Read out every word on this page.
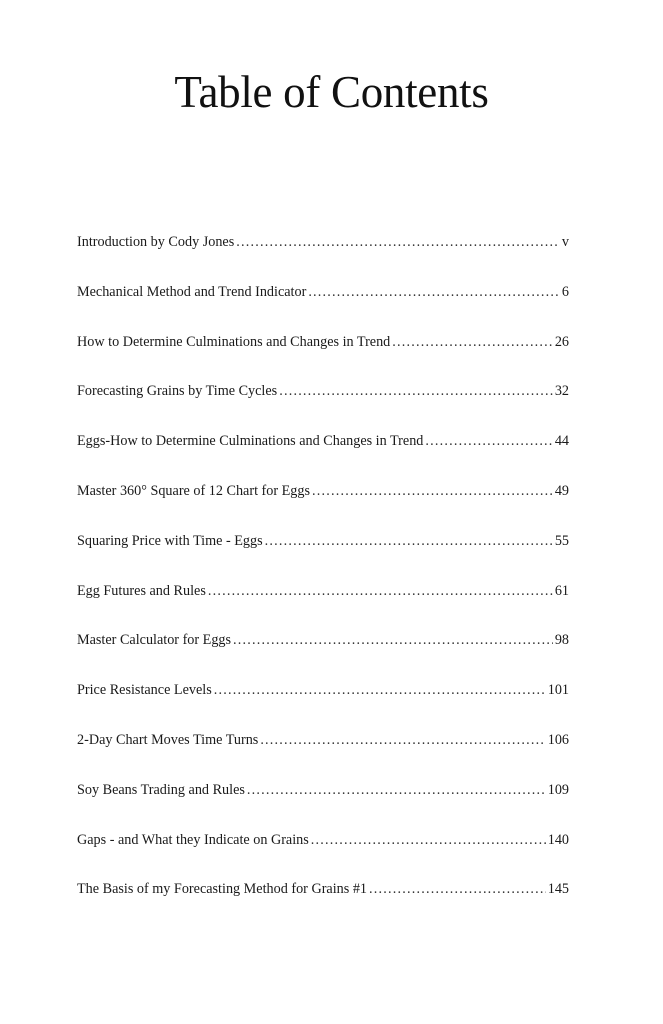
Table of Contents
Introduction by Cody Jones .....	v
Mechanical Method and Trend Indicator .....	6
How to Determine Culminations and Changes in Trend .....	26
Forecasting Grains by Time Cycles .....	32
Eggs-How to Determine Culminations and Changes in Trend .....	44
Master 360° Square of 12 Chart for Eggs .....	49
Squaring Price with Time - Eggs .....	55
Egg Futures and Rules .....	61
Master Calculator for Eggs .....	98
Price Resistance Levels .....	101
2-Day Chart Moves Time Turns .....	106
Soy Beans Trading and Rules .....	109
Gaps - and What they Indicate on Grains .....	140
The Basis of my Forecasting Method for Grains #1 .....	145
